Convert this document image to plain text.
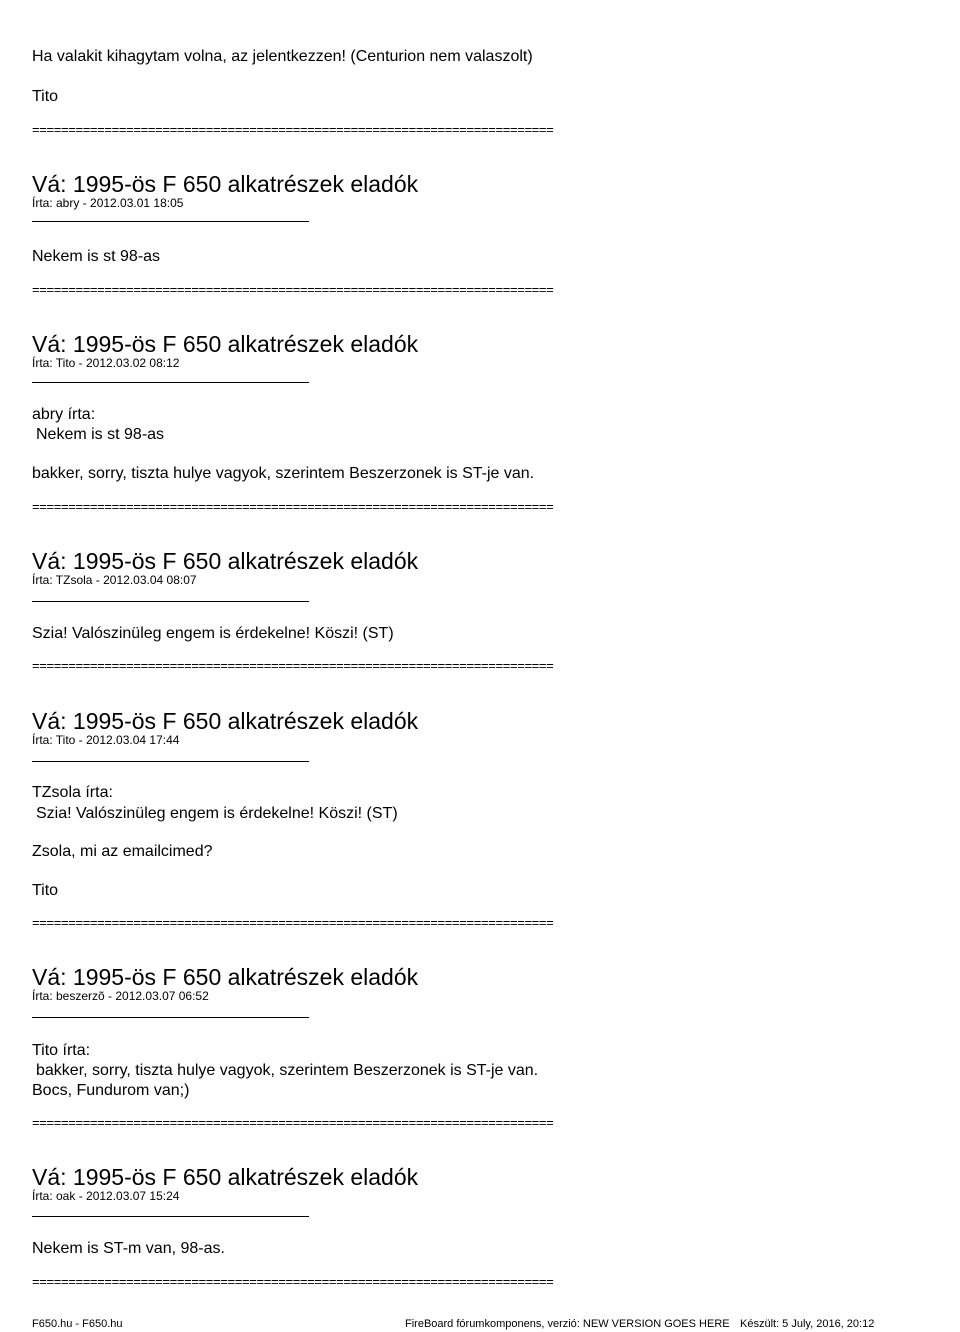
Ha valakit kihagytam volna, az jelentkezzen! (Centurion nem valaszolt)
Tito
========================================================================
Vá: 1995-ös F 650 alkatrészek eladók
Írta: abry - 2012.03.01 18:05
Nekem is st 98-as
========================================================================
Vá: 1995-ös F 650 alkatrészek eladók
Írta: Tito - 2012.03.02 08:12
abry írta:
Nekem is st 98-as
bakker, sorry, tiszta hulye vagyok, szerintem Beszerzonek is ST-je van.
========================================================================
Vá: 1995-ös F 650 alkatrészek eladók
Írta: TZsola - 2012.03.04 08:07
Szia! Valószinüleg engem is érdekelne! Köszi! (ST)
========================================================================
Vá: 1995-ös F 650 alkatrészek eladók
Írta: Tito - 2012.03.04 17:44
TZsola írta:
Szia! Valószinüleg engem is érdekelne! Köszi! (ST)
Zsola, mi az emailcimed?
Tito
========================================================================
Vá: 1995-ös F 650 alkatrészek eladók
Írta: beszerzõ - 2012.03.07 06:52
Tito írta:
bakker, sorry, tiszta hulye vagyok, szerintem Beszerzonek is ST-je van.
Bocs, Fundurom van;)
========================================================================
Vá: 1995-ös F 650 alkatrészek eladók
Írta: oak - 2012.03.07 15:24
Nekem is ST-m van, 98-as.
========================================================================
F650.hu - F650.hu	FireBoard fórumkomponens, verzió: NEW VERSION GOES HERE Készült: 5 July, 2016, 20:12
